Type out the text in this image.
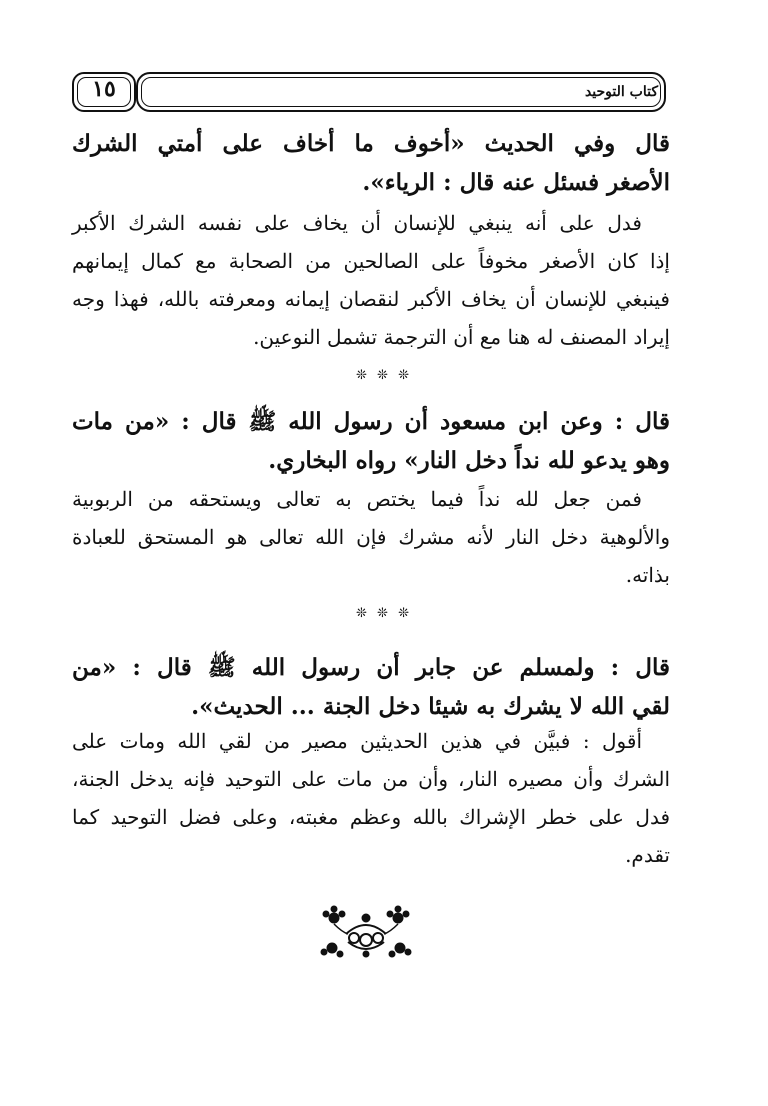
كتاب التوحيد
١٥
قال وفي الحديث «أخوف ما أخاف على أمتي الشرك
الأصغر فسئل عنه قال : الرياء».
فدل على أنه ينبغي للإنسان أن يخاف على نفسه الشرك الأكبر
إذا كان الأصغر مخوفاً على الصالحين من الصحابة مع كمال إيمانهم
فينبغي للإنسان أن يخاف الأكبر لنقصان إيمانه ومعرفته بالله، فهذا وجه
إيراد المصنف له هنا مع أن الترجمة تشمل النوعين.
❊ ❊ ❊
قال : وعن ابن مسعود أن رسول الله ﷺ قال : «من مات
وهو يدعو لله نداً دخل النار» رواه البخاري.
فمن جعل لله نداً فيما يختص به تعالى ويستحقه من الربوبية
والألوهية دخل النار لأنه مشرك فإن الله تعالى هو المستحق للعبادة
بذاته.
❊ ❊ ❊
قال : ولمسلم عن جابر أن رسول الله ﷺ قال : «من
لقي الله لا يشرك به شيئا دخل الجنة ... الحديث».
أقول : فبيَّن في هذين الحديثين مصير من لقي الله ومات على
الشرك وأن مصيره النار، وأن من مات على التوحيد فإنه يدخل الجنة،
فدل على خطر الإشراك بالله وعظم مغبته، وعلى فضل التوحيد كما
تقدم.
